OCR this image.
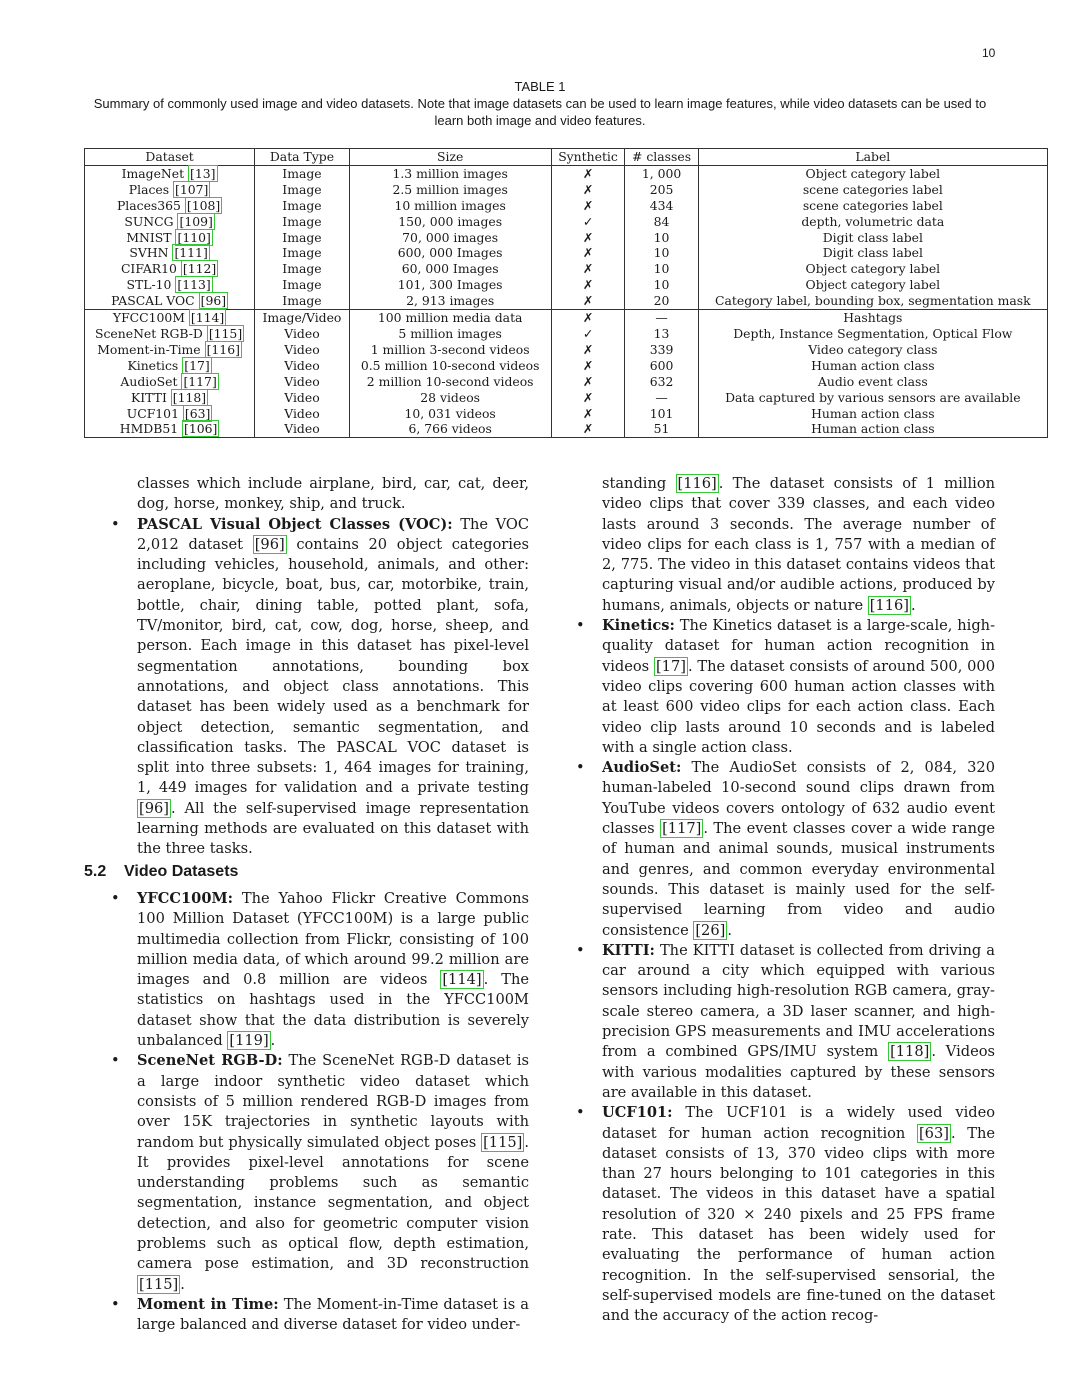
10
TABLE 1
Summary of commonly used image and video datasets. Note that image datasets can be used to learn image features, while video datasets can be used to learn both image and video features.
Dataset	Data Type	Size	Synthetic	# classes	Label
ImageNet [13]	Image	1.3 million images	✗	1, 000	Object category label
Places [107]	Image	2.5 million images	✗	205	scene categories label
Places365 [108]	Image	10 million images	✗	434	scene categories label
SUNCG [109]	Image	150, 000 images	✓	84	depth, volumetric data
MNIST [110]	Image	70, 000 images	✗	10	Digit class label
SVHN [111]	Image	600, 000 Images	✗	10	Digit class label
CIFAR10 [112]	Image	60, 000 Images	✗	10	Object category label
STL-10 [113]	Image	101, 300 Images	✗	10	Object category label
PASCAL VOC [96]	Image	2, 913 images	✗	20	Category label, bounding box, segmentation mask
YFCC100M [114]	Image/Video	100 million media data	✗	—	Hashtags
SceneNet RGB-D [115]	Video	5 million images	✓	13	Depth, Instance Segmentation, Optical Flow
Moment-in-Time [116]	Video	1 million 3-second videos	✗	339	Video category class
Kinetics [17]	Video	0.5 million 10-second videos	✗	600	Human action class
AudioSet [117]	Video	2 million 10-second videos	✗	632	Audio event class
KITTI [118]	Video	28 videos	✗	—	Data captured by various sensors are available
UCF101 [63]	Video	10, 031 videos	✗	101	Human action class
HMDB51 [106]	Video	6, 766 videos	✗	51	Human action class

classes which include airplane, bird, car, cat, deer, dog, horse, monkey, ship, and truck.

• PASCAL Visual Object Classes (VOC): The VOC 2,012 dataset [96] contains 20 object categories including vehicles, household, animals, and other: aeroplane, bicycle, boat, bus, car, motorbike, train, bottle, chair, dining table, potted plant, sofa, TV/monitor, bird, cat, cow, dog, horse, sheep, and person. Each image in this dataset has pixel-level segmentation annotations, bounding box annotations, and object class annotations. This dataset has been widely used as a benchmark for object detection, semantic segmentation, and classification tasks. The PASCAL VOC dataset is split into three subsets: 1, 464 images for training, 1, 449 images for validation and a private testing [96] . All the self-supervised image representation learning methods are evaluated on this dataset with the three tasks.
5.2 Video Datasets
• YFCC100M: The Yahoo Flickr Creative Commons 100 Million Dataset (YFCC100M) is a large public multimedia collection from Flickr, consisting of 100 million media data, of which around 99.2 million are images and 0.8 million are videos [114] . The statistics on hashtags used in the YFCC100M dataset show that the data distribution is severely unbalanced [119] .
• SceneNet RGB-D: The SceneNet RGB-D dataset is a large indoor synthetic video dataset which consists of 5 million rendered RGB-D images from over 15K trajectories in synthetic layouts with random but physically simulated object poses [115] . It provides pixel-level annotations for scene understanding problems such as semantic segmentation, instance segmentation, and object detection, and also for geometric computer vision problems such as optical flow, depth estimation, camera pose estimation, and 3D reconstruction [115] .
• Moment in Time: The Moment-in-Time dataset is a large balanced and diverse dataset for video under-

standing [116] . The dataset consists of 1 million video clips that cover 339 classes, and each video lasts around 3 seconds. The average number of video clips for each class is 1, 757 with a median of 2, 775. The video in this dataset contains videos that capturing visual and/or audible actions, produced by humans, animals, objects or nature [116] .

• Kinetics: The Kinetics dataset is a large-scale, high-quality dataset for human action recognition in videos [17] . The dataset consists of around 500, 000 video clips covering 600 human action classes with at least 600 video clips for each action class. Each video clip lasts around 10 seconds and is labeled with a single action class.
• AudioSet: The AudioSet consists of 2, 084, 320 human-labeled 10-second sound clips drawn from YouTube videos covers ontology of 632 audio event classes [117] . The event classes cover a wide range of human and animal sounds, musical instruments and genres, and common everyday environmental sounds. This dataset is mainly used for the self-supervised learning from video and audio consistence [26] .
• KITTI: The KITTI dataset is collected from driving a car around a city which equipped with various sensors including high-resolution RGB camera, gray-scale stereo camera, a 3D laser scanner, and high-precision GPS measurements and IMU accelerations from a combined GPS/IMU system [118] . Videos with various modalities captured by these sensors are available in this dataset.
• UCF101: The UCF101 is a widely used video dataset for human action recognition [63] . The dataset consists of 13, 370 video clips with more than 27 hours belonging to 101 categories in this dataset. The videos in this dataset have a spatial resolution of 320 × 240 pixels and 25 FPS frame rate. This dataset has been widely used for evaluating the performance of human action recognition. In the self-supervised sensorial, the self-supervised models are fine-tuned on the dataset and the accuracy of the action recog-
